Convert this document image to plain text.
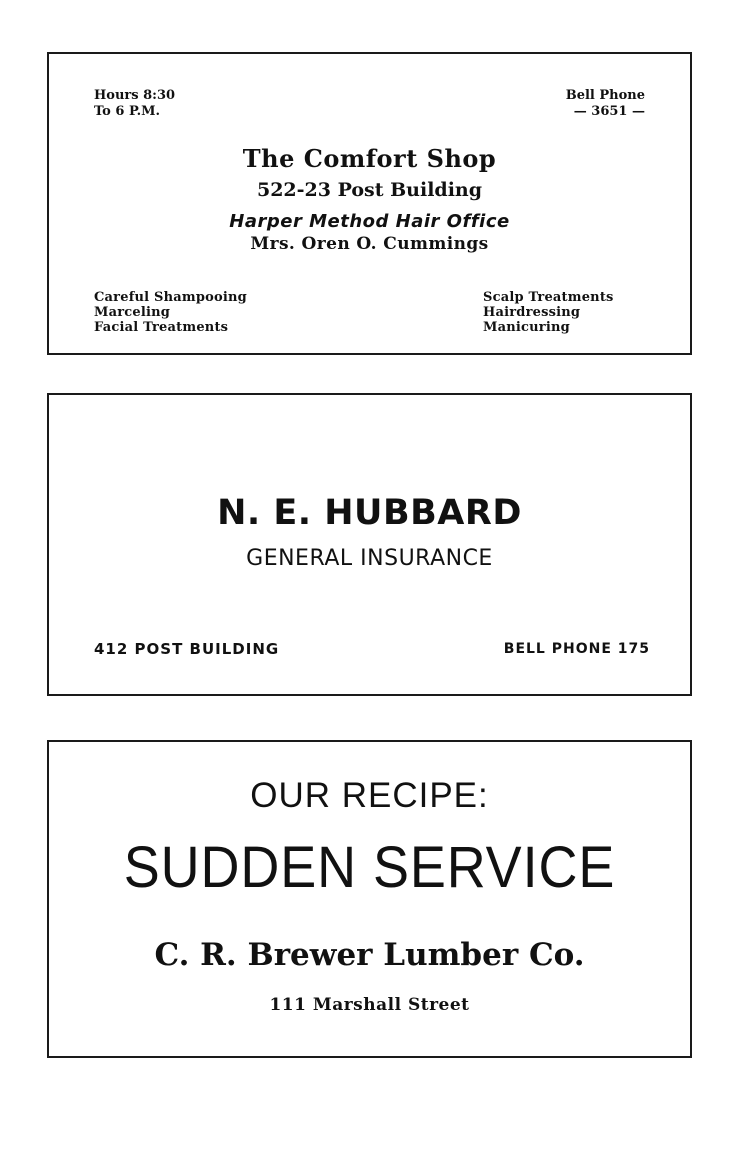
Hours 8:30
To 6 P.M.
Bell Phone
— 3651 —
The Comfort Shop
522-23 Post Building
Harper Method Hair Office
Mrs. Oren O. Cummings
Careful Shampooing
Marceling
Facial Treatments
Scalp Treatments
Hairdressing
Manicuring
N. E. HUBBARD
GENERAL INSURANCE
412 POST BUILDING	BELL PHONE 175
OUR RECIPE:
SUDDEN SERVICE
C. R. Brewer Lumber Co.
111 Marshall Street
